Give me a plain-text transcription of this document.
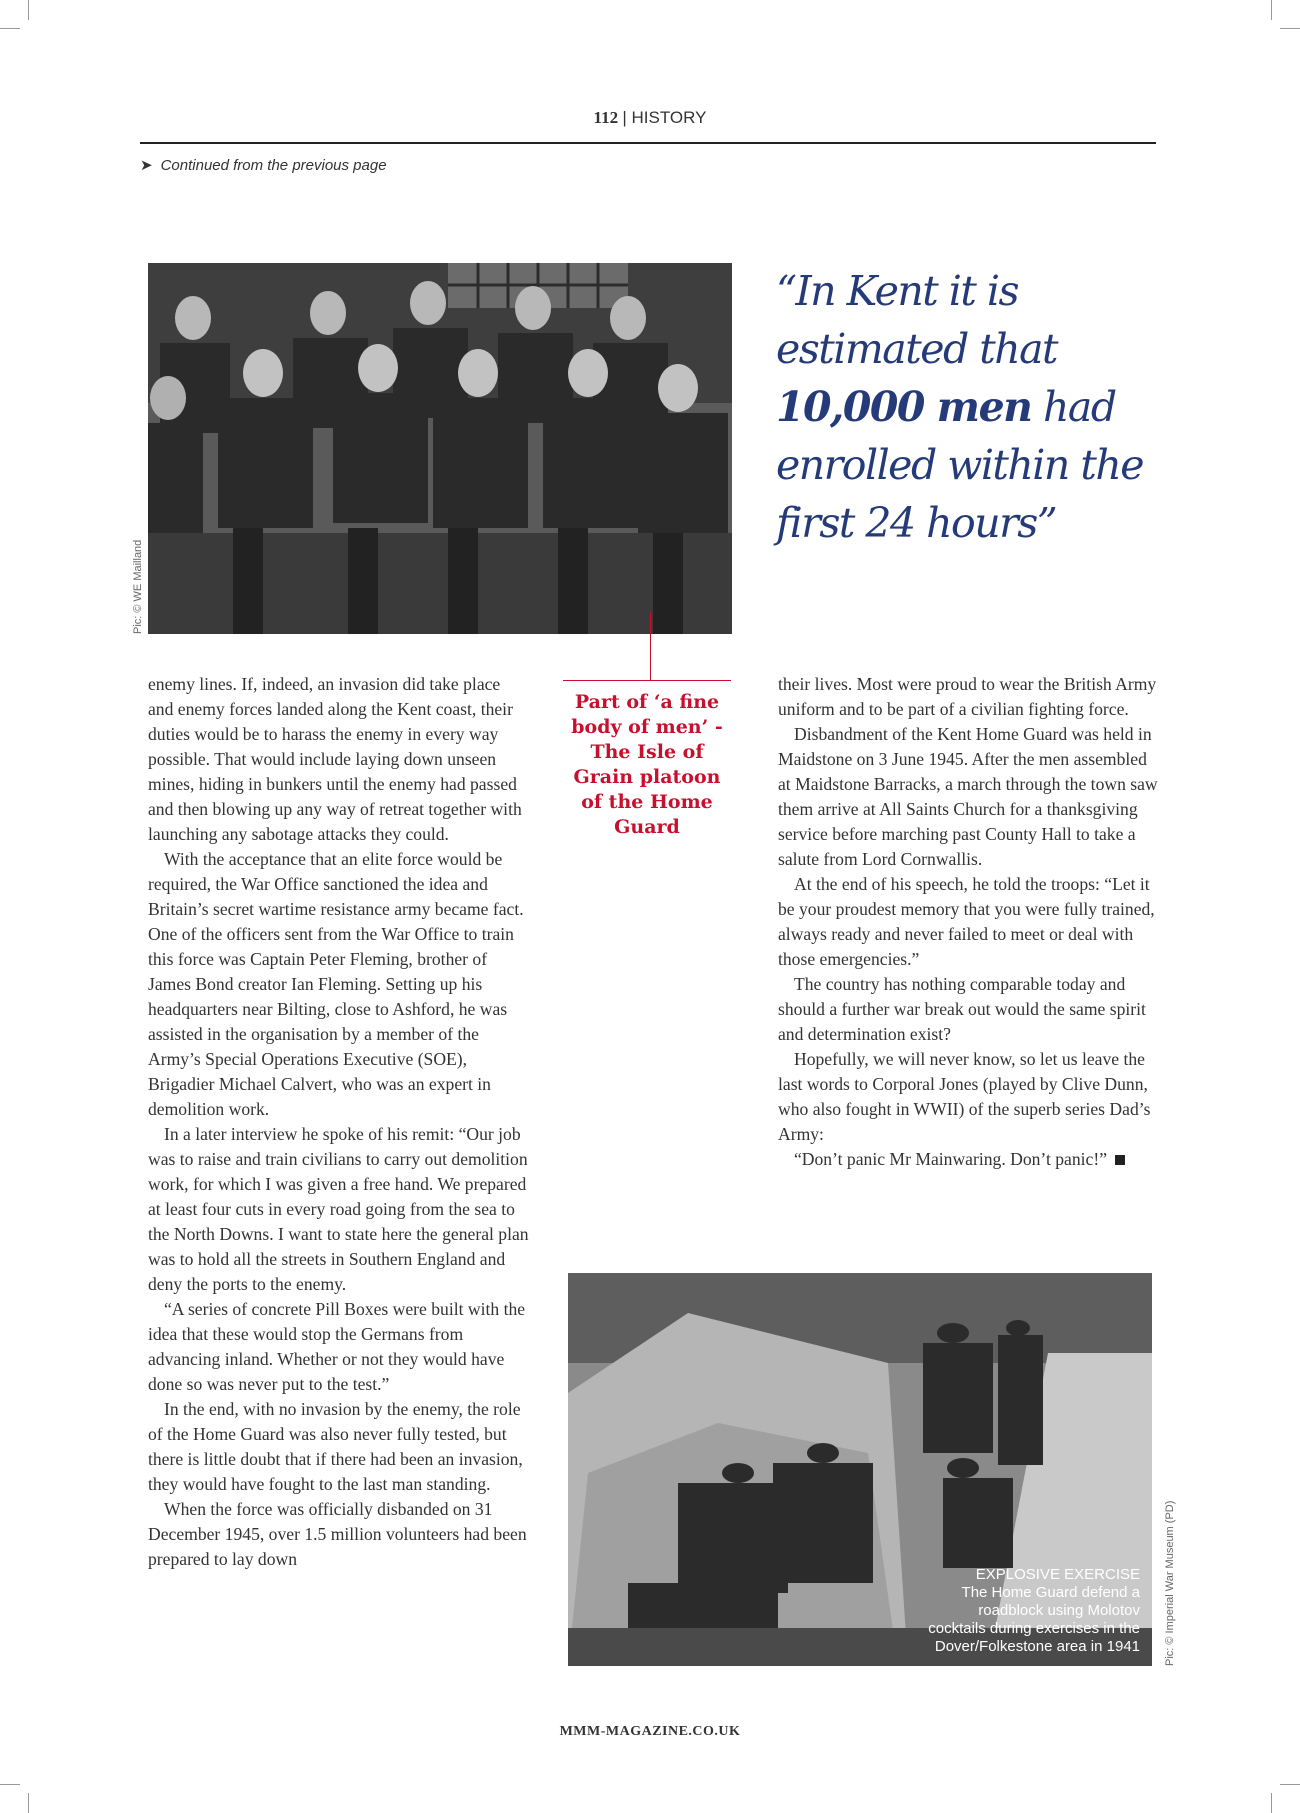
112 | HISTORY
➤ Continued from the previous page
Pic: © WE Mailland
“In Kent it is estimated that 10,000 men had enrolled within the first 24 hours”
Part of ‘a fine body of men’ - The Isle of Grain platoon of the Home Guard

enemy lines. If, indeed, an invasion did take place and enemy forces landed along the Kent coast, their duties would be to harass the enemy in every way possible. That would include laying down unseen mines, hiding in bunkers until the enemy had passed and then blowing up any way of retreat together with launching any sabotage attacks they could.

With the acceptance that an elite force would be required, the War Office sanctioned the idea and Britain’s secret wartime resistance army became fact. One of the officers sent from the War Office to train this force was Captain Peter Fleming, brother of James Bond creator Ian Fleming. Setting up his headquarters near Bilting, close to Ashford, he was assisted in the organisation by a member of the Army’s Special Operations Executive (SOE), Brigadier Michael Calvert, who was an expert in demolition work.

In a later interview he spoke of his remit: “Our job was to raise and train civilians to carry out demolition work, for which I was given a free hand. We prepared at least four cuts in every road going from the sea to the North Downs. I want to state here the general plan was to hold all the streets in Southern England and deny the ports to the enemy.

“A series of concrete Pill Boxes were built with the idea that these would stop the Germans from advancing inland. Whether or not they would have done so was never put to the test.”

In the end, with no invasion by the enemy, the role of the Home Guard was also never fully tested, but there is little doubt that if there had been an invasion, they would have fought to the last man standing.

When the force was officially disbanded on 31 December 1945, over 1.5 million volunteers had been prepared to lay down

their lives. Most were proud to wear the British Army uniform and to be part of a civilian fighting force.

Disbandment of the Kent Home Guard was held in Maidstone on 3 June 1945. After the men assembled at Maidstone Barracks, a march through the town saw them arrive at All Saints Church for a thanksgiving service before marching past County Hall to take a salute from Lord Cornwallis.

At the end of his speech, he told the troops: “Let it be your proudest memory that you were fully trained, always ready and never failed to meet or deal with those emergencies.”

The country has nothing comparable today and should a further war break out would the same spirit and determination exist?

Hopefully, we will never know, so let us leave the last words to Corporal Jones (played by Clive Dunn, who also fought in WWII) of the superb series Dad’s Army:

“Don’t panic Mr Mainwaring. Don’t panic!”

EXPLOSIVE EXERCISE
The Home Guard defend a
roadblock using Molotov
cocktails during exercises in the
Dover/Folkestone area in 1941 Pic: © Imperial War Museum (PD)
MMM-MAGAZINE.CO.UK
